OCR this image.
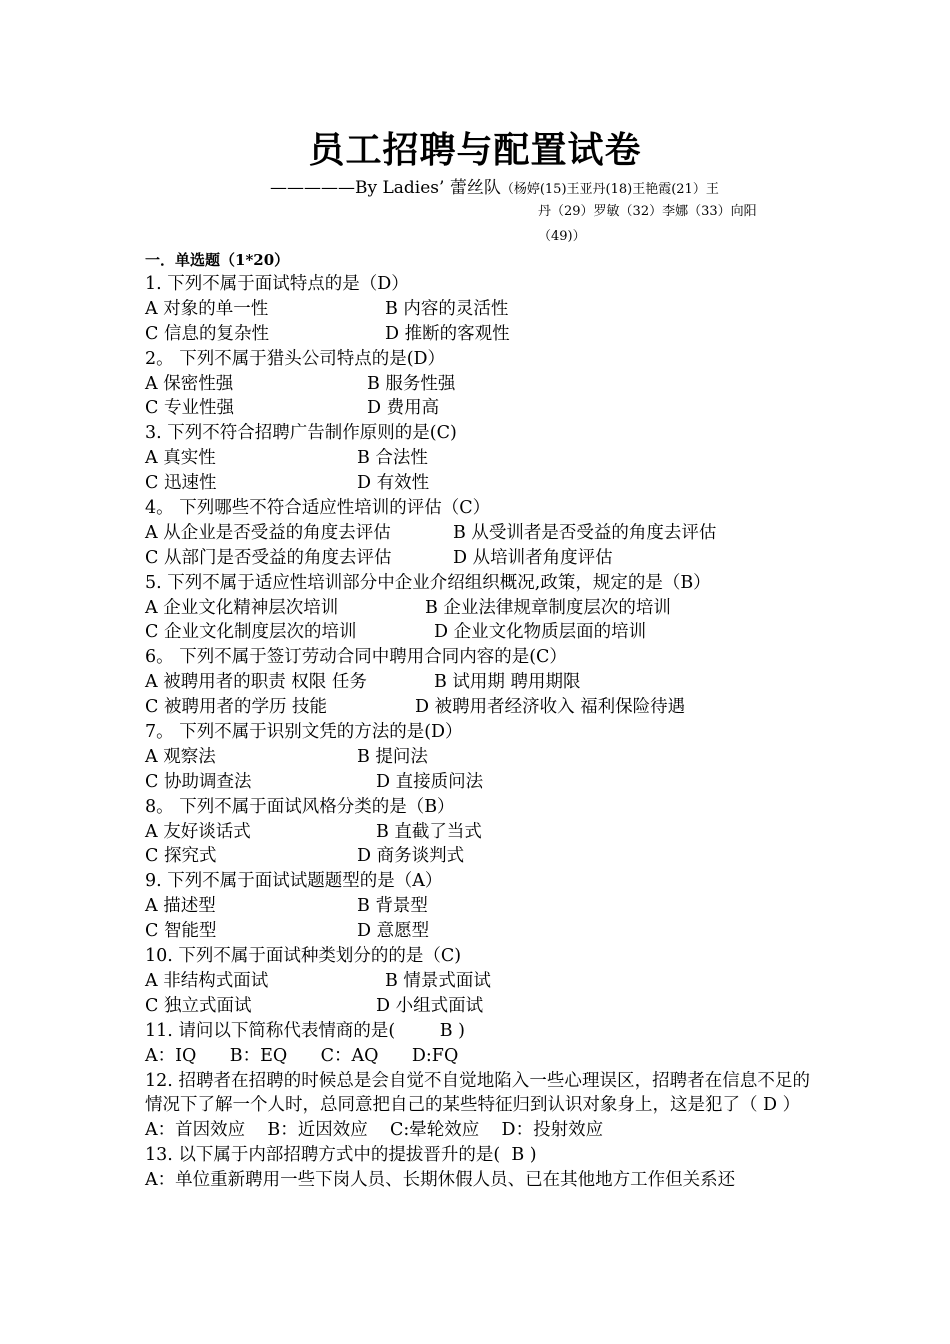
员工招聘与配置试卷
—————By Ladies’ 蕾丝队（杨婷(15)王亚丹(18)王艳霞(21）王
丹（29）罗敏（32）李娜（33）向阳
（49)）
一．单选题（1*20）
1. 下列不属于面试特点的是（D）
A 对象的单一性	B 内容的灵活性
C 信息的复杂性	D 推断的客观性
2。 下列不属于猎头公司特点的是(D）
A 保密性强	B 服务性强
C 专业性强	D 费用高
3. 下列不符合招聘广告制作原则的是(C)
A 真实性	B 合法性
C 迅速性	D 有效性
4。 下列哪些不符合适应性培训的评估（C）
A 从企业是否受益的角度去评估	B 从受训者是否受益的角度去评估
C 从部门是否受益的角度去评估	D 从培训者角度评估
5. 下列不属于适应性培训部分中企业介绍组织概况,政策，规定的是（B）
A 企业文化精神层次培训	B 企业法律规章制度层次的培训
C 企业文化制度层次的培训	D 企业文化物质层面的培训
6。 下列不属于签订劳动合同中聘用合同内容的是(C）
A 被聘用者的职责 权限 任务	B 试用期 聘用期限
C 被聘用者的学历 技能	D 被聘用者经济收入 福利保险待遇
7。 下列不属于识别文凭的方法的是(D）
A 观察法	B 提问法
C 协助调查法	D 直接质问法
8。 下列不属于面试风格分类的是（B）
A 友好谈话式	B 直截了当式
C 探究式	D 商务谈判式
9. 下列不属于面试试题题型的是（A）
A 描述型	B 背景型
C 智能型	D 意愿型
10. 下列不属于面试种类划分的的是（C)
A 非结构式面试	B 情景式面试
C 独立式面试	D 小组式面试
11. 请问以下简称代表情商的是(        B )
A：IQ      B：EQ      C：AQ      D:FQ
12. 招聘者在招聘的时候总是会自觉不自觉地陷入一些心理误区，招聘者在信息不足的情况下了解一个人时，总同意把自己的某些特征归到认识对象身上，这是犯了（ D ）
A：首因效应    B：近因效应    C:晕轮效应    D：投射效应
13. 以下属于内部招聘方式中的提拔晋升的是(  B )
A：单位重新聘用一些下岗人员、长期休假人员、已在其他地方工作但关系还
